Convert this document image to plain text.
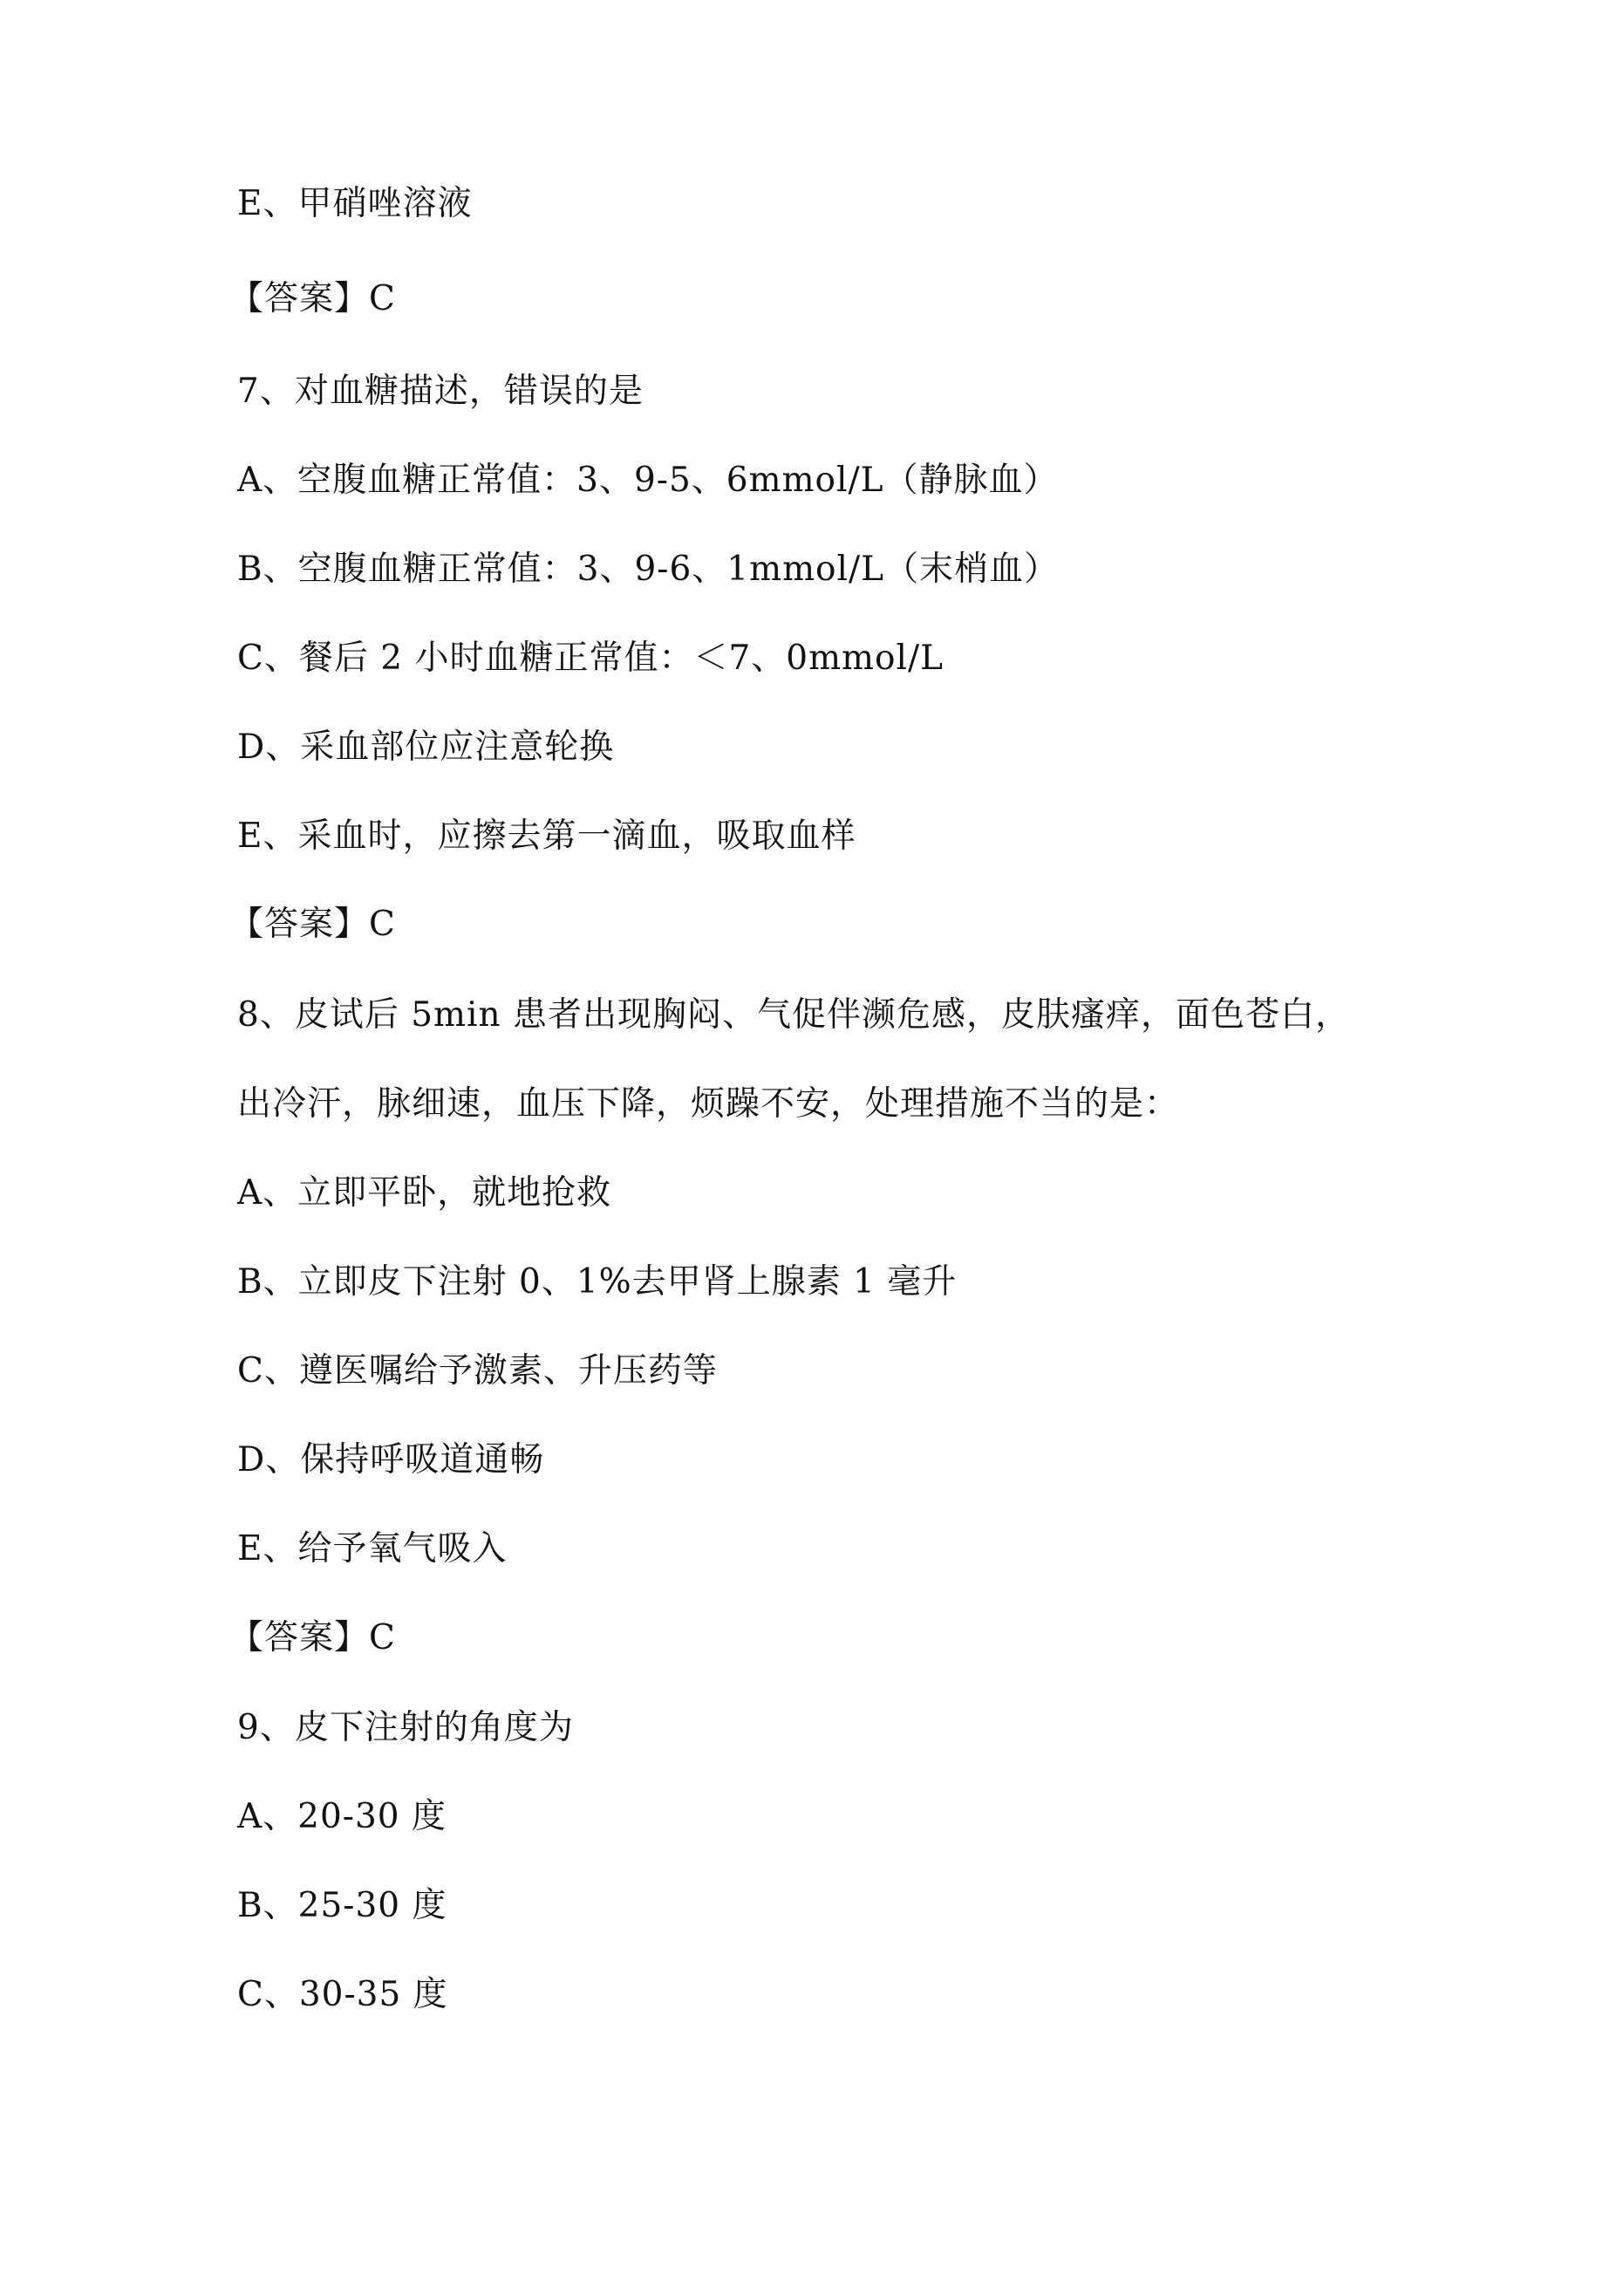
E、甲硝唑溶液
【答案】C
7、对血糖描述，错误的是
A、空腹血糖正常值：3、9-5、6mmol/L（静脉血）
B、空腹血糖正常值：3、9-6、1mmol/L（末梢血）
C、餐后 2 小时血糖正常值：＜7、0mmol/L
D、采血部位应注意轮换
E、采血时，应擦去第一滴血，吸取血样
【答案】C
8、皮试后 5min 患者出现胸闷、气促伴濒危感，皮肤瘙痒，面色苍白，
出冷汗，脉细速，血压下降，烦躁不安，处理措施不当的是：
A、立即平卧，就地抢救
B、立即皮下注射 0、1%去甲肾上腺素 1 毫升
C、遵医嘱给予激素、升压药等
D、保持呼吸道通畅
E、给予氧气吸入
【答案】C
9、皮下注射的角度为
A、20-30 度
B、25-30 度
C、30-35 度
